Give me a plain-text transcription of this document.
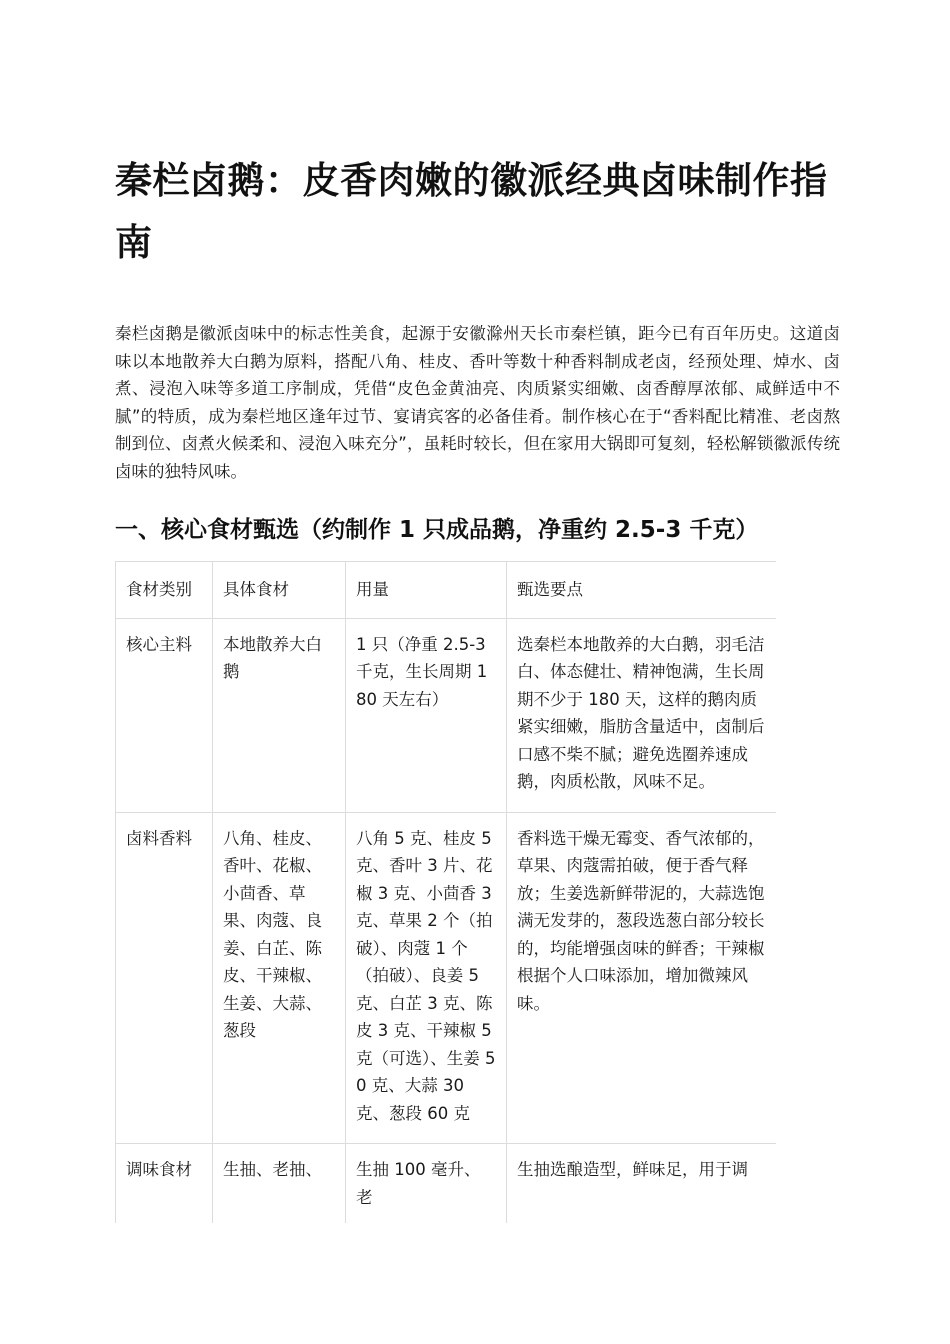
秦栏卤鹅：皮香肉嫩的徽派经典卤味制作指南

秦栏卤鹅是徽派卤味中的标志性美食，起源于安徽滁州天长市秦栏镇，距今已有百年历史。这道卤味以本地散养大白鹅为原料，搭配八角、桂皮、香叶等数十种香料制成老卤，经预处理、焯水、卤煮、浸泡入味等多道工序制成，凭借“皮色金黄油亮、肉质紧实细嫩、卤香醇厚浓郁、咸鲜适中不腻”的特质，成为秦栏地区逢年过节、宴请宾客的必备佳肴。制作核心在于“香料配比精准、老卤熬制到位、卤煮火候柔和、浸泡入味充分”，虽耗时较长，但在家用大锅即可复刻，轻松解锁徽派传统卤味的独特风味。

一、核心食材甄选（约制作 1 只成品鹅，净重约 2.5-3 千克）
食材类别	具体食材	用量	甄选要点
核心主料	本地散养大白鹅	1 只（净重 2.5-3 千克，生长周期 180 天左右）	选秦栏本地散养的大白鹅，羽毛洁白、体态健壮、精神饱满，生长周期不少于 180 天，这样的鹅肉质紧实细嫩，脂肪含量适中，卤制后口感不柴不腻；避免选圈养速成鹅，肉质松散，风味不足。
卤料香料	八角、桂皮、香叶、花椒、小茴香、草果、肉蔻、良姜、白芷、陈皮、干辣椒、生姜、大蒜、葱段	八角 5 克、桂皮 5 克、香叶 3 片、花椒 3 克、小茴香 3 克、草果 2 个（拍破）、肉蔻 1 个（拍破）、良姜 5 克、白芷 3 克、陈皮 3 克、干辣椒 5 克（可选）、生姜 50 克、大蒜 30 克、葱段 60 克	香料选干燥无霉变、香气浓郁的，草果、肉蔻需拍破，便于香气释放；生姜选新鲜带泥的，大蒜选饱满无发芽的，葱段选葱白部分较长的，均能增强卤味的鲜香；干辣椒根据个人口味添加，增加微辣风味。
调味食材	生抽、老抽、	生抽 100 毫升、老	生抽选酿造型，鲜味足，用于调
